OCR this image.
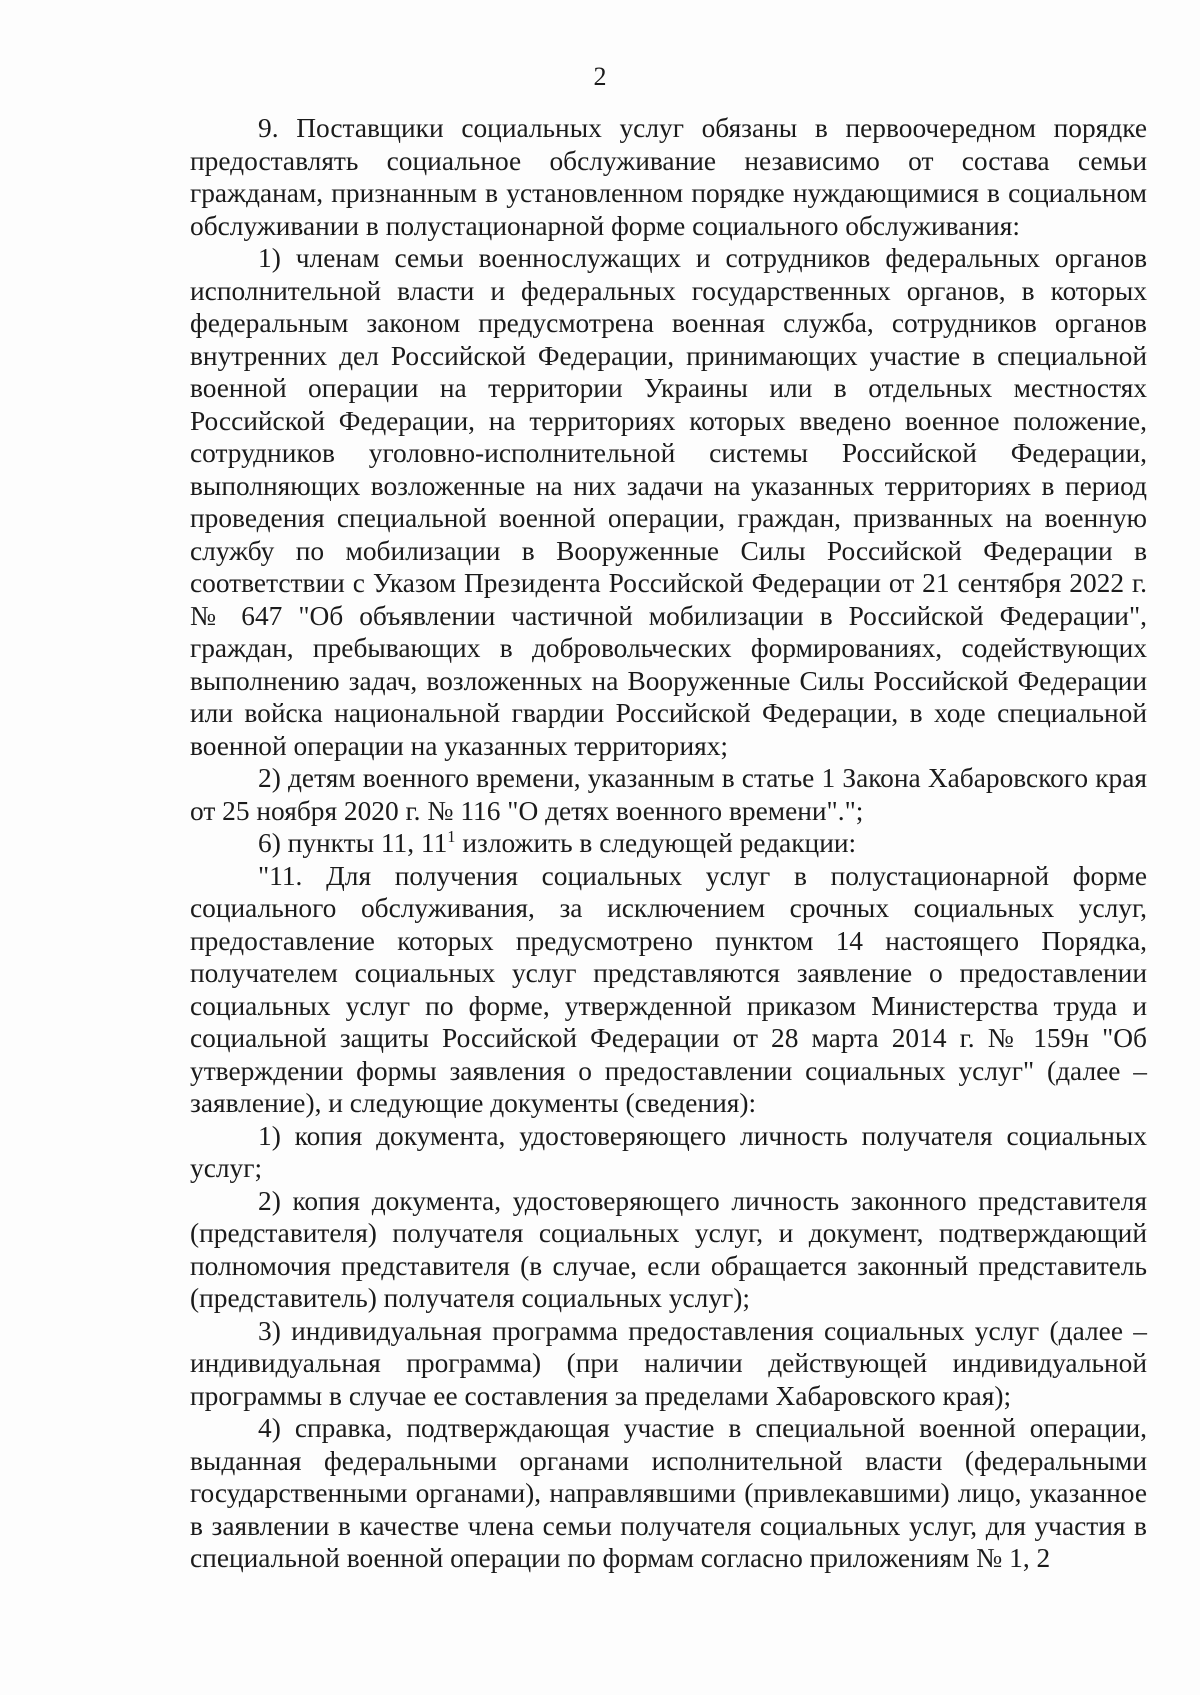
2

9. Поставщики социальных услуг обязаны в первоочередном порядке предоставлять социальное обслуживание независимо от состава семьи гражданам, признанным в установленном порядке нуждающимися в социальном обслуживании в полустационарной форме социального обслуживания:

1) членам семьи военнослужащих и сотрудников федеральных органов исполнительной власти и федеральных государственных органов, в которых федеральным законом предусмотрена военная служба, сотрудников органов внутренних дел Российской Федерации, принимающих участие в специальной военной операции на территории Украины или в отдельных местностях Российской Федерации, на территориях которых введено военное положение, сотрудников уголовно-исполнительной системы Российской Федерации, выполняющих возложенные на них задачи на указанных территориях в период проведения специальной военной операции, граждан, призванных на военную службу по мобилизации в Вооруженные Силы Российской Федерации в соответствии с Указом Президента Российской Федерации от 21 сентября 2022 г. № 647 "Об объявлении частичной мобилизации в Российской Федерации", граждан, пребывающих в добровольческих формированиях, содействующих выполнению задач, возложенных на Вооруженные Силы Российской Федерации или войска национальной гвардии Российской Федерации, в ходе специальной военной операции на указанных территориях;

2) детям военного времени, указанным в статье 1 Закона Хабаровского края от 25 ноября 2020 г. № 116 "О детях военного времени".";

6) пункты 11, $11^1$ изложить в следующей редакции:

"11. Для получения социальных услуг в полустационарной форме социального обслуживания, за исключением срочных социальных услуг, предоставление которых предусмотрено пунктом 14 настоящего Порядка, получателем социальных услуг представляются заявление о предоставлении социальных услуг по форме, утвержденной приказом Министерства труда и социальной защиты Российской Федерации от 28 марта 2014 г. № 159н "Об утверждении формы заявления о предоставлении социальных услуг" (далее – заявление), и следующие документы (сведения):

1) копия документа, удостоверяющего личность получателя социальных услуг;

2) копия документа, удостоверяющего личность законного представителя (представителя) получателя социальных услуг, и документ, подтверждающий полномочия представителя (в случае, если обращается законный представитель (представитель) получателя социальных услуг);

3) индивидуальная программа предоставления социальных услуг (далее – индивидуальная программа) (при наличии действующей индивидуальной программы в случае ее составления за пределами Хабаровского края);

4) справка, подтверждающая участие в специальной военной операции, выданная федеральными органами исполнительной власти (федеральными государственными органами), направлявшими (привлекавшими) лицо, указанное в заявлении в качестве члена семьи получателя социальных услуг, для участия в специальной военной операции по формам согласно приложениям № 1, 2
